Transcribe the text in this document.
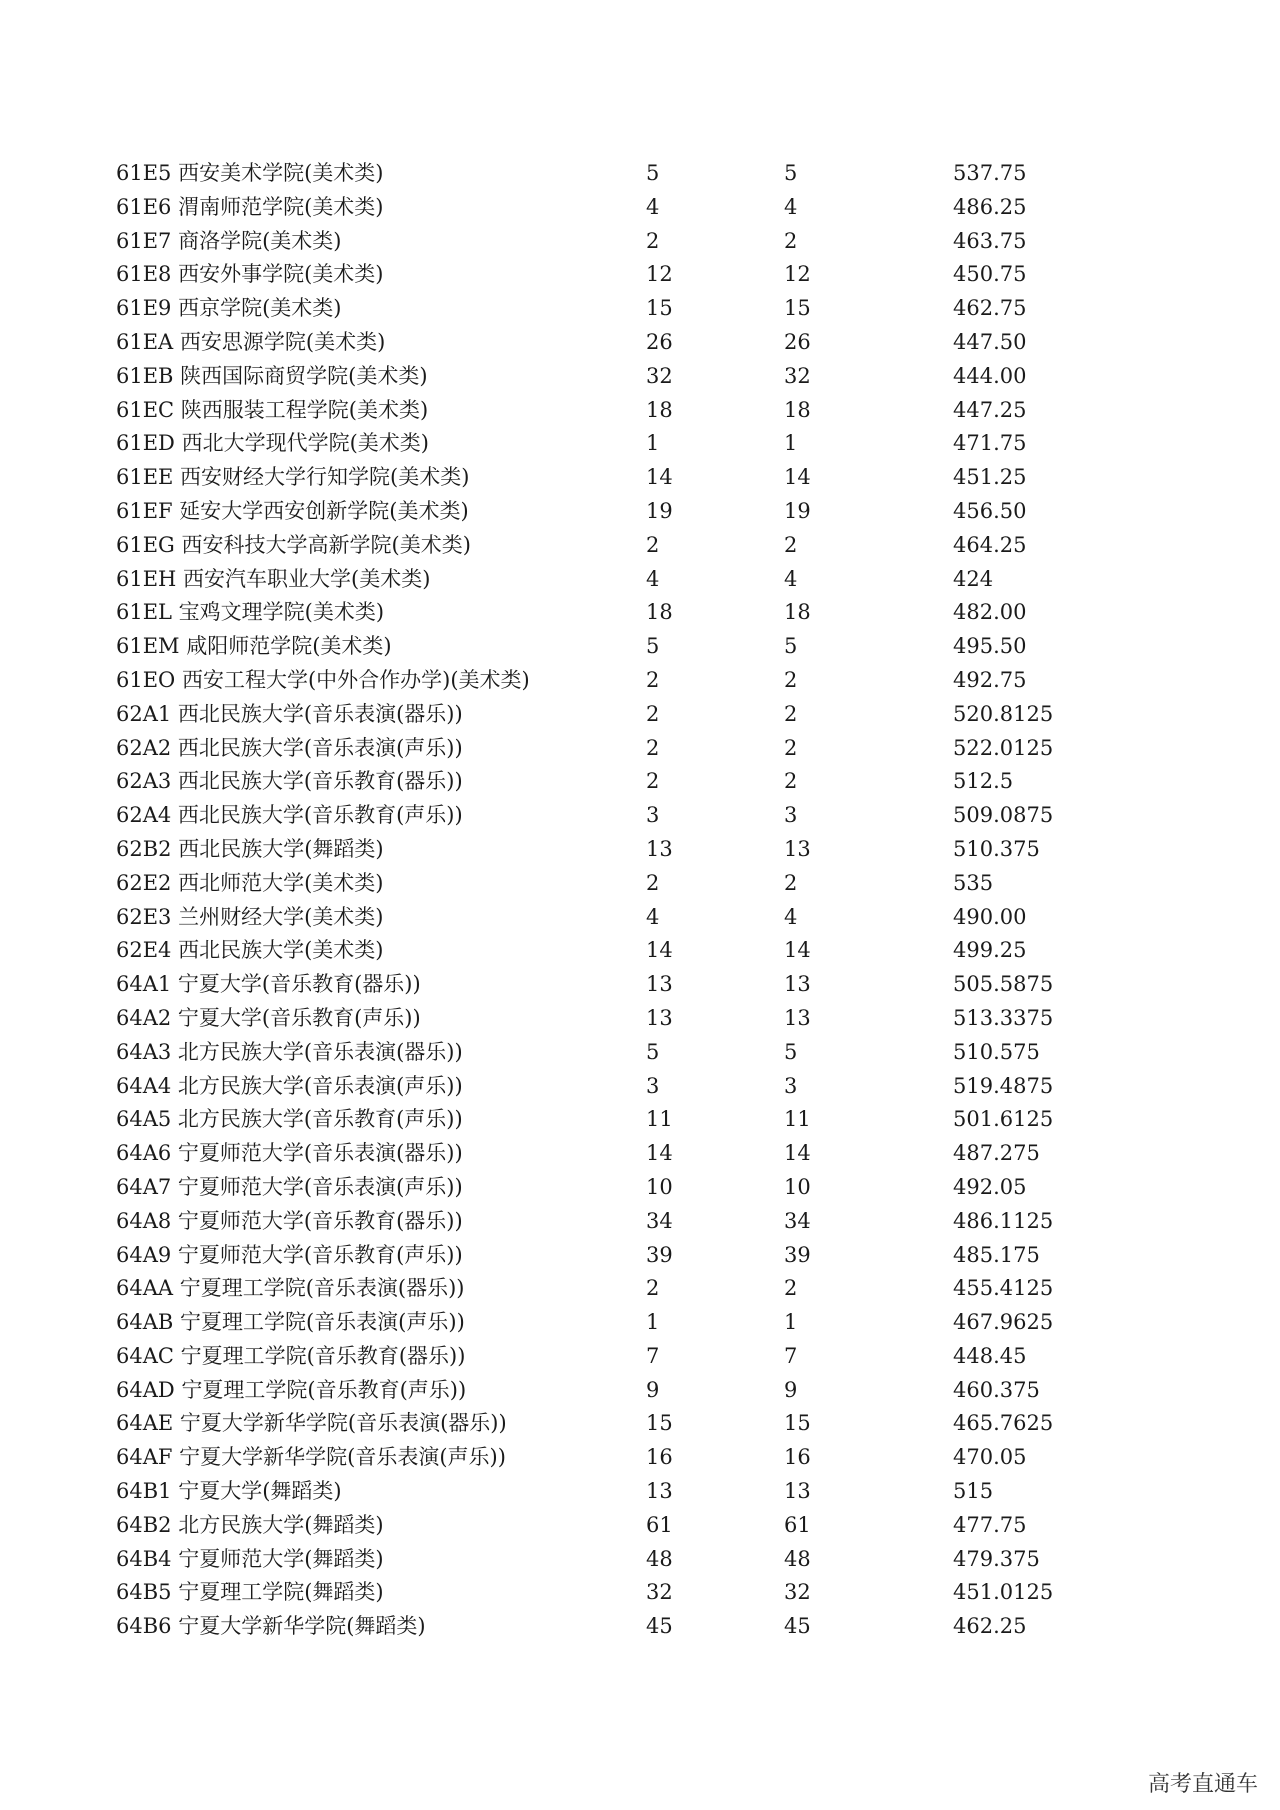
61E5 西安美术学院(美术类)	5	5	537.75
61E6 渭南师范学院(美术类)	4	4	486.25
61E7 商洛学院(美术类)	2	2	463.75
61E8 西安外事学院(美术类)	12	12	450.75
61E9 西京学院(美术类)	15	15	462.75
61EA 西安思源学院(美术类)	26	26	447.50
61EB 陕西国际商贸学院(美术类)	32	32	444.00
61EC 陕西服装工程学院(美术类)	18	18	447.25
61ED 西北大学现代学院(美术类)	1	1	471.75
61EE 西安财经大学行知学院(美术类)	14	14	451.25
61EF 延安大学西安创新学院(美术类)	19	19	456.50
61EG 西安科技大学高新学院(美术类)	2	2	464.25
61EH 西安汽车职业大学(美术类)	4	4	424
61EL 宝鸡文理学院(美术类)	18	18	482.00
61EM 咸阳师范学院(美术类)	5	5	495.50
61EO 西安工程大学(中外合作办学)(美术类)	2	2	492.75
62A1 西北民族大学(音乐表演(器乐))	2	2	520.8125
62A2 西北民族大学(音乐表演(声乐))	2	2	522.0125
62A3 西北民族大学(音乐教育(器乐))	2	2	512.5
62A4 西北民族大学(音乐教育(声乐))	3	3	509.0875
62B2 西北民族大学(舞蹈类)	13	13	510.375
62E2 西北师范大学(美术类)	2	2	535
62E3 兰州财经大学(美术类)	4	4	490.00
62E4 西北民族大学(美术类)	14	14	499.25
64A1 宁夏大学(音乐教育(器乐))	13	13	505.5875
64A2 宁夏大学(音乐教育(声乐))	13	13	513.3375
64A3 北方民族大学(音乐表演(器乐))	5	5	510.575
64A4 北方民族大学(音乐表演(声乐))	3	3	519.4875
64A5 北方民族大学(音乐教育(声乐))	11	11	501.6125
64A6 宁夏师范大学(音乐表演(器乐))	14	14	487.275
64A7 宁夏师范大学(音乐表演(声乐))	10	10	492.05
64A8 宁夏师范大学(音乐教育(器乐))	34	34	486.1125
64A9 宁夏师范大学(音乐教育(声乐))	39	39	485.175
64AA 宁夏理工学院(音乐表演(器乐))	2	2	455.4125
64AB 宁夏理工学院(音乐表演(声乐))	1	1	467.9625
64AC 宁夏理工学院(音乐教育(器乐))	7	7	448.45
64AD 宁夏理工学院(音乐教育(声乐))	9	9	460.375
64AE 宁夏大学新华学院(音乐表演(器乐))	15	15	465.7625
64AF 宁夏大学新华学院(音乐表演(声乐))	16	16	470.05
64B1 宁夏大学(舞蹈类)	13	13	515
64B2 北方民族大学(舞蹈类)	61	61	477.75
64B4 宁夏师范大学(舞蹈类)	48	48	479.375
64B5 宁夏理工学院(舞蹈类)	32	32	451.0125
64B6 宁夏大学新华学院(舞蹈类)	45	45	462.25
高考直通车
